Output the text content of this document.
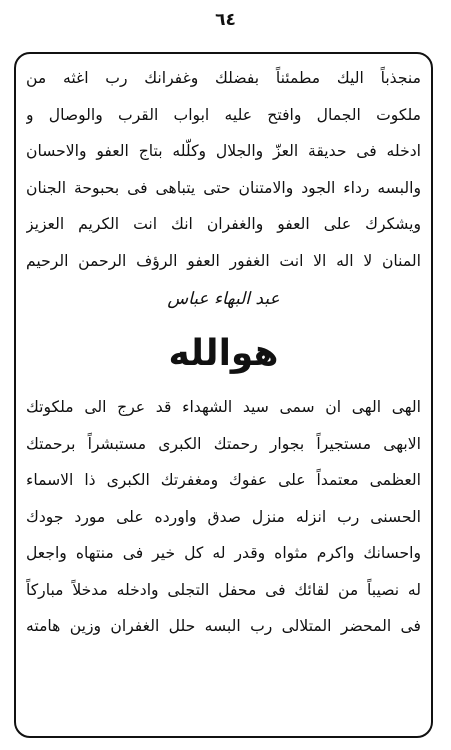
٦٤
منجذباً اليك مطمئناً بفضلك وغفرانك رب اغثه من
ملكوت الجمال وافتح عليه ابواب القرب والوصال و
ادخله فى حديقة العزّ والجلال وكلّله بتاج العفو والاحسان
والبسه رداء الجود والامتنان حتى يتباهى فى بحبوحة الجنان
ويشكرك على العفو والغفران انك انت الكريم العزيز
المنان لا اله الا انت الغفور العفو الرؤف الرحمن الرحيم
عبد البهاء عباس
هوالله
الهى الهى ان سمى سيد الشهداء قد عرج الى ملكوتك
الابهى مستجيراً بجوار رحمتك الكبرى مستبشراً برحمتك
العظمى معتمداً على عفوك ومغفرتك الكبرى ذا الاسماء
الحسنى رب انزله منزل صدق واورده على مورد جودك
واحسانك واكرم مثواه وقدر له كل خير فى منتهاه واجعل
له نصيباً من لقائك فى محفل التجلى وادخله مدخلاً مباركاً
فى المحضر المتلالى رب البسه حلل الغفران وزين هامته
